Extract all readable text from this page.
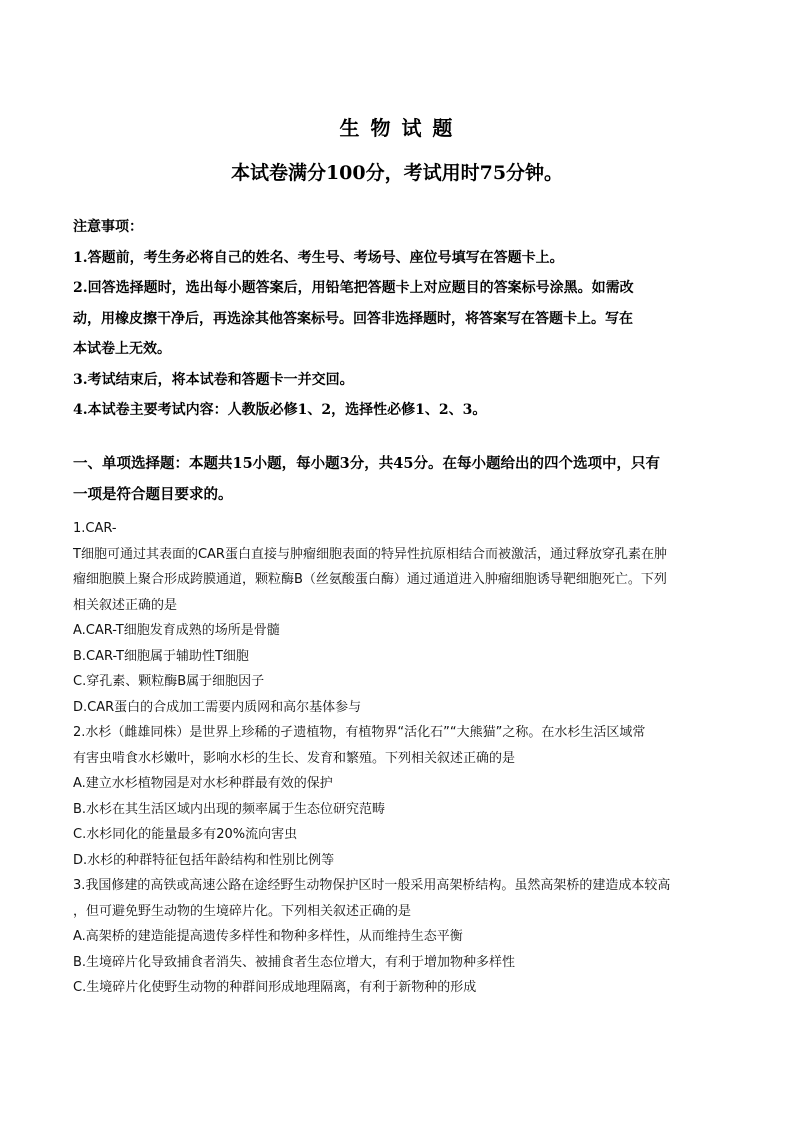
生 物 试 题
本试卷满分100分，考试用时75分钟。

注意事项：

1.答题前，考生务必将自己的姓名、考生号、考场号、座位号填写在答题卡上。

2.回答选择题时，选出每小题答案后，用铅笔把答题卡上对应题目的答案标号涂黑。如需改

动，用橡皮擦干净后，再选涂其他答案标号。回答非选择题时，将答案写在答题卡上。写在

本试卷上无效。

3.考试结束后，将本试卷和答题卡一并交回。

4.本试卷主要考试内容：人教版必修1、2，选择性必修1、2、3。

一、单项选择题：本题共15小题，每小题3分，共45分。在每小题给出的四个选项中，只有

一项是符合题目要求的。

1.CAR-

T细胞可通过其表面的CAR蛋白直接与肿瘤细胞表面的特异性抗原相结合而被激活，通过释放穿孔素在肿

瘤细胞膜上聚合形成跨膜通道，颗粒酶B（丝氨酸蛋白酶）通过通道进入肿瘤细胞诱导靶细胞死亡。下列

相关叙述正确的是

A.CAR-T细胞发育成熟的场所是骨髓

B.CAR-T细胞属于辅助性T细胞

C.穿孔素、颗粒酶B属于细胞因子

D.CAR蛋白的合成加工需要内质网和高尔基体参与

2.水杉（雌雄同株）是世界上珍稀的孑遗植物，有植物界“活化石”“大熊猫”之称。在水杉生活区域常

有害虫啃食水杉嫩叶，影响水杉的生长、发育和繁殖。下列相关叙述正确的是

A.建立水杉植物园是对水杉种群最有效的保护

B.水杉在其生活区域内出现的频率属于生态位研究范畴

C.水杉同化的能量最多有20%流向害虫

D.水杉的种群特征包括年龄结构和性别比例等

3.我国修建的高铁或高速公路在途经野生动物保护区时一般采用高架桥结构。虽然高架桥的建造成本较高

，但可避免野生动物的生境碎片化。下列相关叙述正确的是

A.高架桥的建造能提高遗传多样性和物种多样性，从而维持生态平衡

B.生境碎片化导致捕食者消失、被捕食者生态位增大，有利于增加物种多样性

C.生境碎片化使野生动物的种群间形成地理隔离，有利于新物种的形成
